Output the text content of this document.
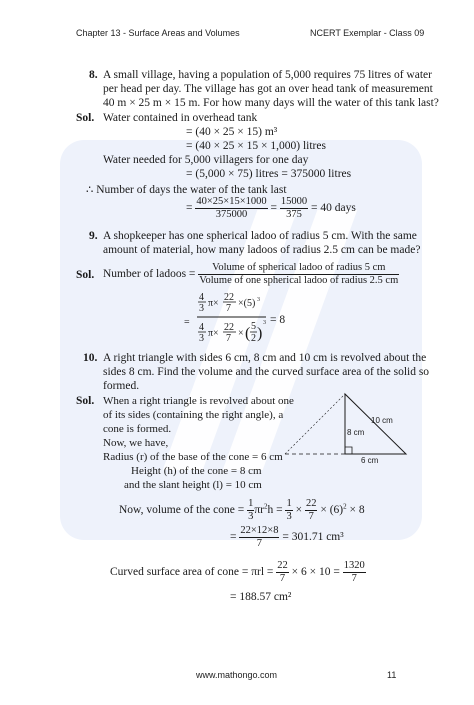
Chapter 13 - Surface Areas and Volumes	NCERT Exemplar - Class 09
8. A small village, having a population of 5,000 requires 75 litres of water
per head per day. The village has got an over head tank of measurement
40 m × 25 m × 15 m. For how many days will the water of this tank last?
Sol. Water contained in overhead tank
= (40 × 25 × 15) m³
= (40 × 25 × 15 × 1,000) litres
Water needed for 5,000 villagers for one day
= (5,000 × 75) litres = 375000 litres
∴ Number of days the water of the tank last
= $\frac{40\times 25\times 15\times 1000}{375000} = \frac{15000}{375} = 40$ days
9. A shopkeeper has one spherical ladoo of radius 5 cm. With the same
amount of material, how many ladoos of radius 2.5 cm can be made?
Sol. Number of ladoos = $\frac{\text{Volume of spherical ladoo of radius 5 cm}}{\text{Volume of one spherical ladoo of radius 2.5 cm}}$
=
4
3 π×
22
7 ×(5) 3
4
3 π×
22
7 × ( 5
2 )
3 = 8
10. A right triangle with sides 6 cm, 8 cm and 10 cm is revolved about the
sides 8 cm. Find the volume and the curved surface area of the solid so
formed.
Sol. When a right triangle is revolved about one
of its sides (containing the right angle), a
cone is formed.
Now, we have,
Radius (r) of the base of the cone = 6 cm
Height (h) of the cone = 8 cm
and the slant height (l) = 10 cm
10 cm
8 cm
6 cm
Now, volume of the cone = $\frac{1}{3} \pi r^2h = \frac{1}{3} \times \frac{22}{7} \times (6)^2 \times 8$
= $\frac{22\times 12\times 8}{7} = 301.71$ cm³
Curved surface area of cone = $\pi rl = \frac{22}{7} \times 6 \times 10 = \frac{1320}{7}$
= 188.57 cm²
www.mathongo.com	11
